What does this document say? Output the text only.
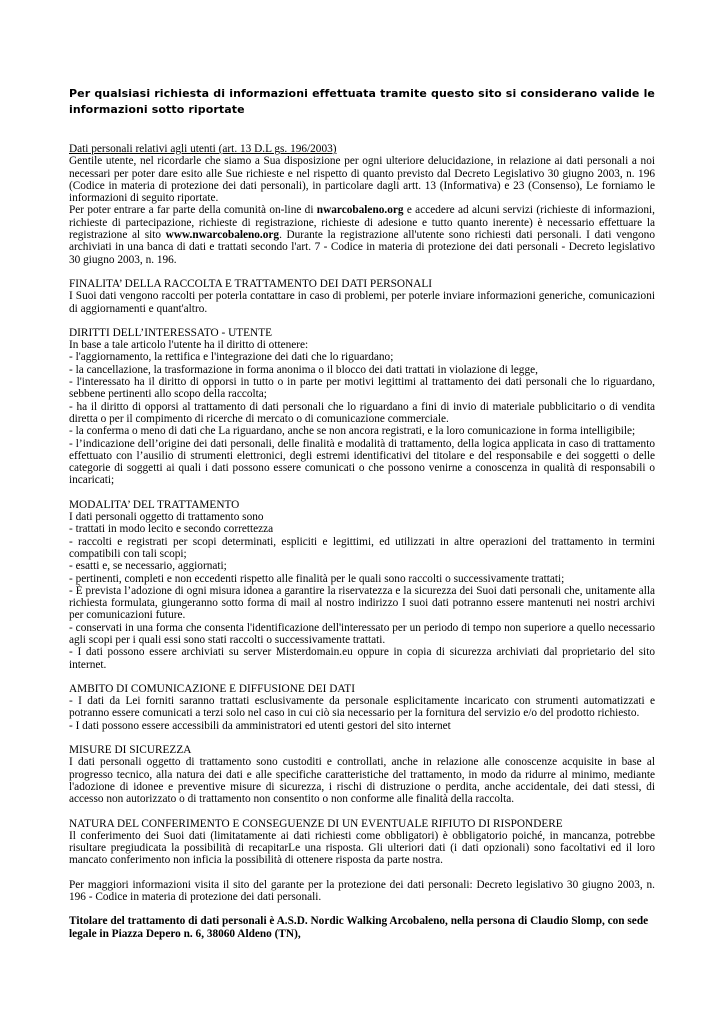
Per qualsiasi richiesta di informazioni effettuata tramite questo sito si considerano valide le informazioni sotto riportate
Dati personali relativi agli utenti (art. 13 D.L gs. 196/2003)

Gentile utente, nel ricordarle che siamo a Sua disposizione per ogni ulteriore delucidazione, in relazione ai dati personali a noi necessari per poter dare esito alle Sue richieste e nel rispetto di quanto previsto dal Decreto Legislativo 30 giugno 2003, n. 196 (Codice in materia di protezione dei dati personali), in particolare dagli artt. 13 (Informativa) e 23 (Consenso), Le forniamo le informazioni di seguito riportate.

Per poter entrare a far parte della comunità on-line di nwarcobaleno.org e accedere ad alcuni servizi (richieste di informazioni, richieste di partecipazione, richieste di registrazione, richieste di adesione e tutto quanto inerente) è necessario effettuare la registrazione al sito www.nwarcobaleno.org. Durante la registrazione all'utente sono richiesti dati personali. I dati vengono archiviati in una banca di dati e trattati secondo l'art. 7 - Codice in materia di protezione dei dati personali - Decreto legislativo 30 giugno 2003, n. 196.

FINALITA’ DELLA RACCOLTA E TRATTAMENTO DEI DATI PERSONALI

I Suoi dati vengono raccolti per poterla contattare in caso di problemi, per poterle inviare informazioni generiche, comunicazioni di aggiornamenti e quant'altro.

DIRITTI DELL’INTERESSATO - UTENTE
In base a tale articolo l'utente ha il diritto di ottenere:
- l'aggiornamento, la rettifica e l'integrazione dei dati che lo riguardano;
- la cancellazione, la trasformazione in forma anonima o il blocco dei dati trattati in violazione di legge,
- l'interessato ha il diritto di opporsi in tutto o in parte per motivi legittimi al trattamento dei dati personali che lo riguardano, sebbene pertinenti allo scopo della raccolta;
- ha il diritto di opporsi al trattamento di dati personali che lo riguardano a fini di invio di materiale pubblicitario o di vendita diretta o per il compimento di ricerche di mercato o di comunicazione commerciale.
- la conferma o meno di dati che La riguardano, anche se non ancora registrati, e la loro comunicazione in forma intelligibile;
- l’indicazione dell’origine dei dati personali, delle finalità e modalità di trattamento, della logica applicata in caso di trattamento effettuato con l’ausilio di strumenti elettronici, degli estremi identificativi del titolare e del responsabile e dei soggetti o delle categorie di soggetti ai quali i dati possono essere comunicati o che possono venirne a conoscenza in qualità di responsabili o incaricati;
MODALITA’ DEL TRATTAMENTO
I dati personali oggetto di trattamento sono
- trattati in modo lecito e secondo correttezza
- raccolti e registrati per scopi determinati, espliciti e legittimi, ed utilizzati in altre operazioni del trattamento in termini compatibili con tali scopi;
- esatti e, se necessario, aggiornati;
- pertinenti, completi e non eccedenti rispetto alle finalità per le quali sono raccolti o successivamente trattati;
- È prevista l’adozione di ogni misura idonea a garantire la riservatezza e la sicurezza dei Suoi dati personali che, unitamente alla richiesta formulata, giungeranno sotto forma di mail al nostro indirizzo I suoi dati potranno essere mantenuti nei nostri archivi per comunicazioni future.
- conservati in una forma che consenta l'identificazione dell'interessato per un periodo di tempo non superiore a quello necessario agli scopi per i quali essi sono stati raccolti o successivamente trattati.
- I dati possono essere archiviati su server Misterdomain.eu oppure in copia di sicurezza archiviati dal proprietario del sito internet.
AMBITO DI COMUNICAZIONE E DIFFUSIONE DEI DATI
- I dati da Lei forniti saranno trattati esclusivamente da personale esplicitamente incaricato con strumenti automatizzati e potranno essere comunicati a terzi solo nel caso in cui ciò sia necessario per la fornitura del servizio e/o del prodotto richiesto.
- I dati possono essere accessibili da amministratori ed utenti gestori del sito internet
MISURE DI SICUREZZA

I dati personali oggetto di trattamento sono custoditi e controllati, anche in relazione alle conoscenze acquisite in base al progresso tecnico, alla natura dei dati e alle specifiche caratteristiche del trattamento, in modo da ridurre al minimo, mediante l'adozione di idonee e preventive misure di sicurezza, i rischi di distruzione o perdita, anche accidentale, dei dati stessi, di accesso non autorizzato o di trattamento non consentito o non conforme alle finalità della raccolta.

NATURA DEL CONFERIMENTO E CONSEGUENZE DI UN EVENTUALE RIFIUTO DI RISPONDERE

Il conferimento dei Suoi dati (limitatamente ai dati richiesti come obbligatori) è obbligatorio poiché, in mancanza, potrebbe risultare pregiudicata la possibilità di recapitarLe una risposta. Gli ulteriori dati (i dati opzionali) sono facoltativi ed il loro mancato conferimento non inficia la possibilità di ottenere risposta da parte nostra.

Per maggiori informazioni visita il sito del garante per la protezione dei dati personali: Decreto legislativo 30 giugno 2003, n. 196 - Codice in materia di protezione dei dati personali.

Titolare del trattamento di dati personali è A.S.D. Nordic Walking Arcobaleno, nella persona di Claudio Slomp, con sede legale in Piazza Depero n. 6, 38060 Aldeno (TN),
